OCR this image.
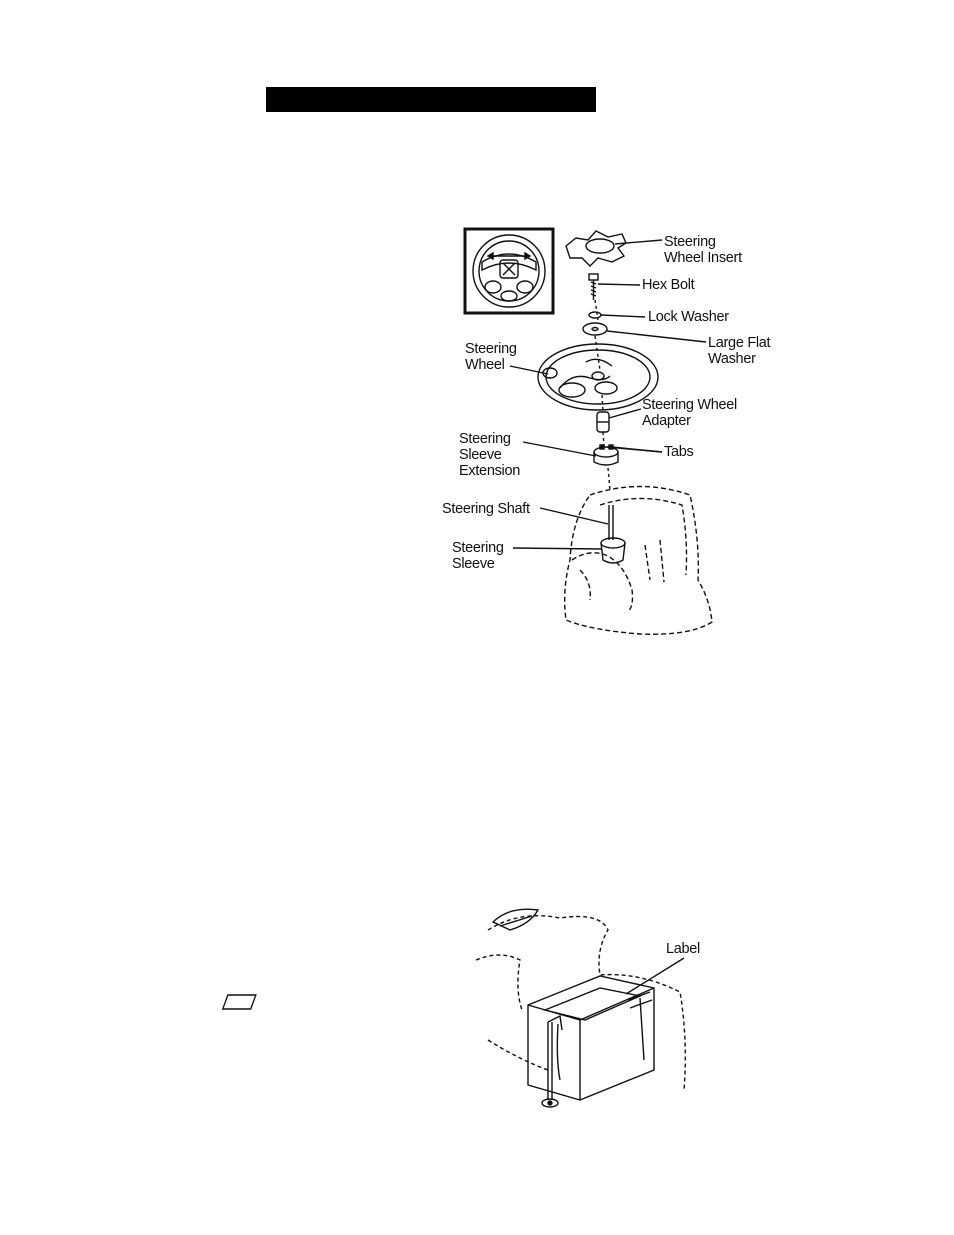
Steering
Wheel Insert
Hex Bolt
Lock Washer
Large Flat
Washer
Steering
Wheel
Steering Wheel
Adapter
Tabs
Steering
Sleeve
Extension
Steering Shaft
Steering
Sleeve
Label
